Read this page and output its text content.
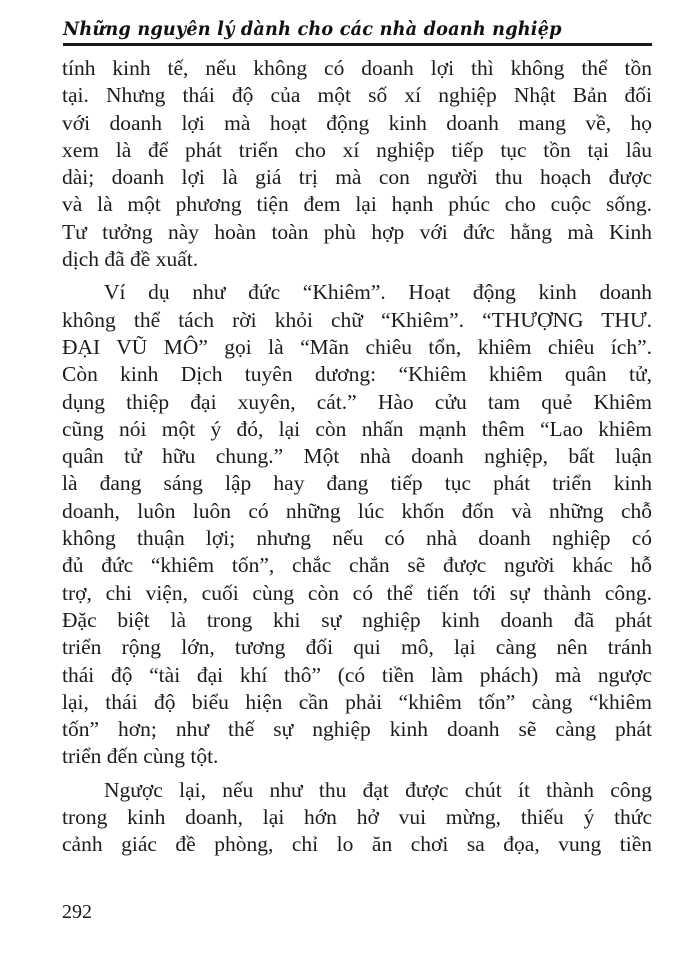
Những nguyên lý dành cho các nhà doanh nghiệp
tính kinh tế, nếu không có doanh lợi thì không thể tồn
tại. Nhưng thái độ của một số xí nghiệp Nhật Bản đối
với doanh lợi mà hoạt động kinh doanh mang về, họ
xem là để phát triển cho xí nghiệp tiếp tục tồn tại lâu
dài; doanh lợi là giá trị mà con người thu hoạch được
và là một phương tiện đem lại hạnh phúc cho cuộc sống.
Tư tưởng này hoàn toàn phù hợp với đức hằng mà Kinh
dịch đã đề xuất.
Ví dụ như đức “Khiêm”. Hoạt động kinh doanh
không thể tách rời khỏi chữ “Khiêm”. “THƯỢNG THƯ.
ĐẠI VŨ MÔ” gọi là “Mãn chiêu tổn, khiêm chiêu ích”.
Còn kinh Dịch tuyên dương: “Khiêm khiêm quân tử,
dụng thiệp đại xuyên, cát.” Hào cửu tam quẻ Khiêm
cũng nói một ý đó, lại còn nhấn mạnh thêm “Lao khiêm
quân tử hữu chung.” Một nhà doanh nghiệp, bất luận
là đang sáng lập hay đang tiếp tục phát triển kinh
doanh, luôn luôn có những lúc khốn đốn và những chỗ
không thuận lợi; nhưng nếu có nhà doanh nghiệp có
đủ đức “khiêm tốn”, chắc chắn sẽ được người khác hỗ
trợ, chi viện, cuối cùng còn có thể tiến tới sự thành công.
Đặc biệt là trong khi sự nghiệp kinh doanh đã phát
triển rộng lớn, tương đối qui mô, lại càng nên tránh
thái độ “tài đại khí thô” (có tiền làm phách) mà ngược
lại, thái độ biểu hiện cần phải “khiêm tốn” càng “khiêm
tốn” hơn; như thế sự nghiệp kinh doanh sẽ càng phát
triển đến cùng tột.
Ngược lại, nếu như thu đạt được chút ít thành công
trong kinh doanh, lại hớn hở vui mừng, thiếu ý thức
cảnh giác đề phòng, chỉ lo ăn chơi sa đọa, vung tiền
292
